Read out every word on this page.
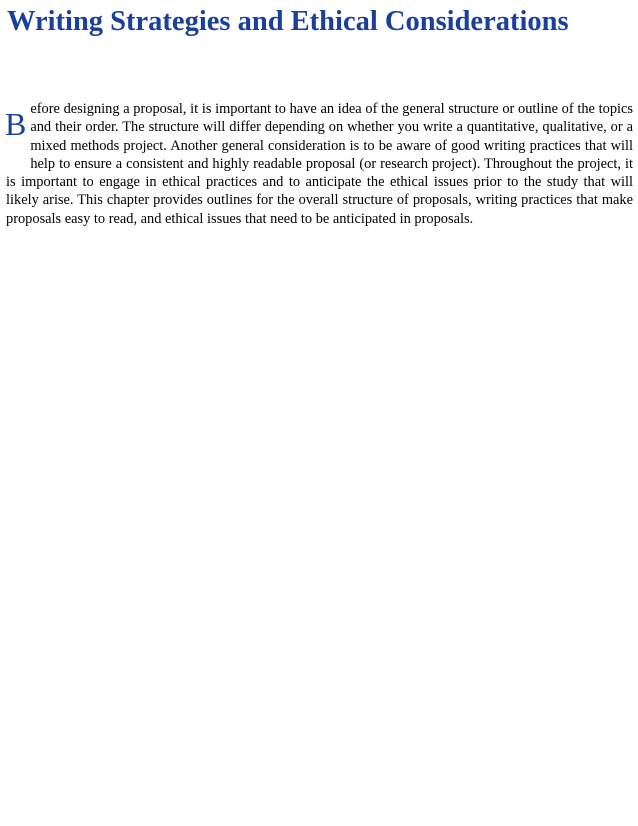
Writing Strategies and Ethical Considerations

Before designing a proposal, it is important to have an idea of the general structure or outline of the topics and their order. The structure will differ depending on whether you write a quantitative, qualitative, or a mixed methods project. Another general consideration is to be aware of good writing practices that will help to ensure a consistent and highly readable proposal (or research project). Throughout the project, it is important to engage in ethical practices and to anticipate the ethical issues prior to the study that will likely arise. This chapter provides outlines for the overall structure of proposals, writing practices that make proposals easy to read, and ethical issues that need to be anticipated in proposals.
